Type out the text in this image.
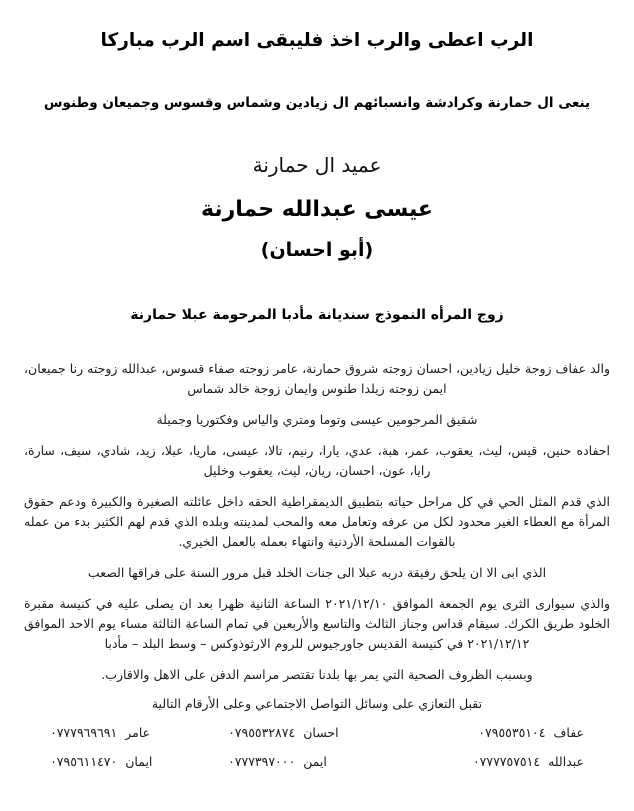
الرب اعطى والرب اخذ فليبقى اسم الرب مباركا
ينعى ال حمارنة وكرادشة وانسبائهم ال زيادين وشماس وقسوس وجميعان وطنوس
عميد ال حمارنة
عيسى عبدالله حمارنة
(أبو احسان)
زوج المرأه النموذج سنديانة مأدبا المرحومة عبلا حمارنة

والد عفاف زوجة خليل زيادين، احسان زوجته شروق حمارنة، عامر زوجته صفاء قسوس، عبدالله زوجته رنا جميعان، ايمن زوجته زيلدا طنوس وايمان زوجة خالد شماس

شقيق المرحومين عيسى وتوما ومتري والياس وفكتوريا وجميلة

احفاده حنين، قيس، ليث، يعقوب، عمر، هبة، عدي، يارا، رنيم، تالا، عيسى، ماريا، عبلا، زيد، شادي، سيف، سارة، رايا، عون، احسان، ريان، ليث، يعقوب وخليل

الذي قدم المثل الحي في كل مراحل حياته بتطبيق الديمقراطية الحقه داخل عائلته الصغيرة والكبيرة ودعم حقوق المرأة مع العطاء الغير محدود لكل من عرفه وتعامل معه والمحب لمدينته وبلده الذي قدم لهم الكثير بدء من عمله بالقوات المسلحة الأردنية وانتهاء بعمله بالعمل الخيري.

الذي ابى الا ان يلحق رفيقة دربه عبلا الى جنات الخلد قبل مرور السنة على فراقها الصعب

والذي سيوارى الثرى يوم الجمعة الموافق ٢٠٢١/١٢/١٠ الساعة الثانية ظهرا بعد ان يصلى عليه في كنيسة مقبرة الخلود طريق الكرك. سيقام قداس وجناز الثالث والتاسع والأربعين في تمام الساعة الثالثة مساء يوم الاحد الموافق ٢٠٢١/١٢/١٢ في كنيسة القديس جاورجيوس للروم الارثوذوكس – وسط البلد – مأدبا

وبسبب الظروف الصحية التي يمر بها بلدنا تقتصر مراسم الدفن على الاهل والاقارب.

تقبل التعازي على وسائل التواصل الاجتماعي وعلى الأرقام التالية
عفاف٠٧٩٥٥٣٥١٠٤
احسان٠٧٩٥٥٣٢٨٧٤
عامر٠٧٧٧٩٦٩٦٩١
عبدالله٠٧٧٧٧٥٧٥١٤
ايمن٠٧٧٧٣٩٧٠٠٠
ايمان٠٧٩٥٦١١٤٧٠
